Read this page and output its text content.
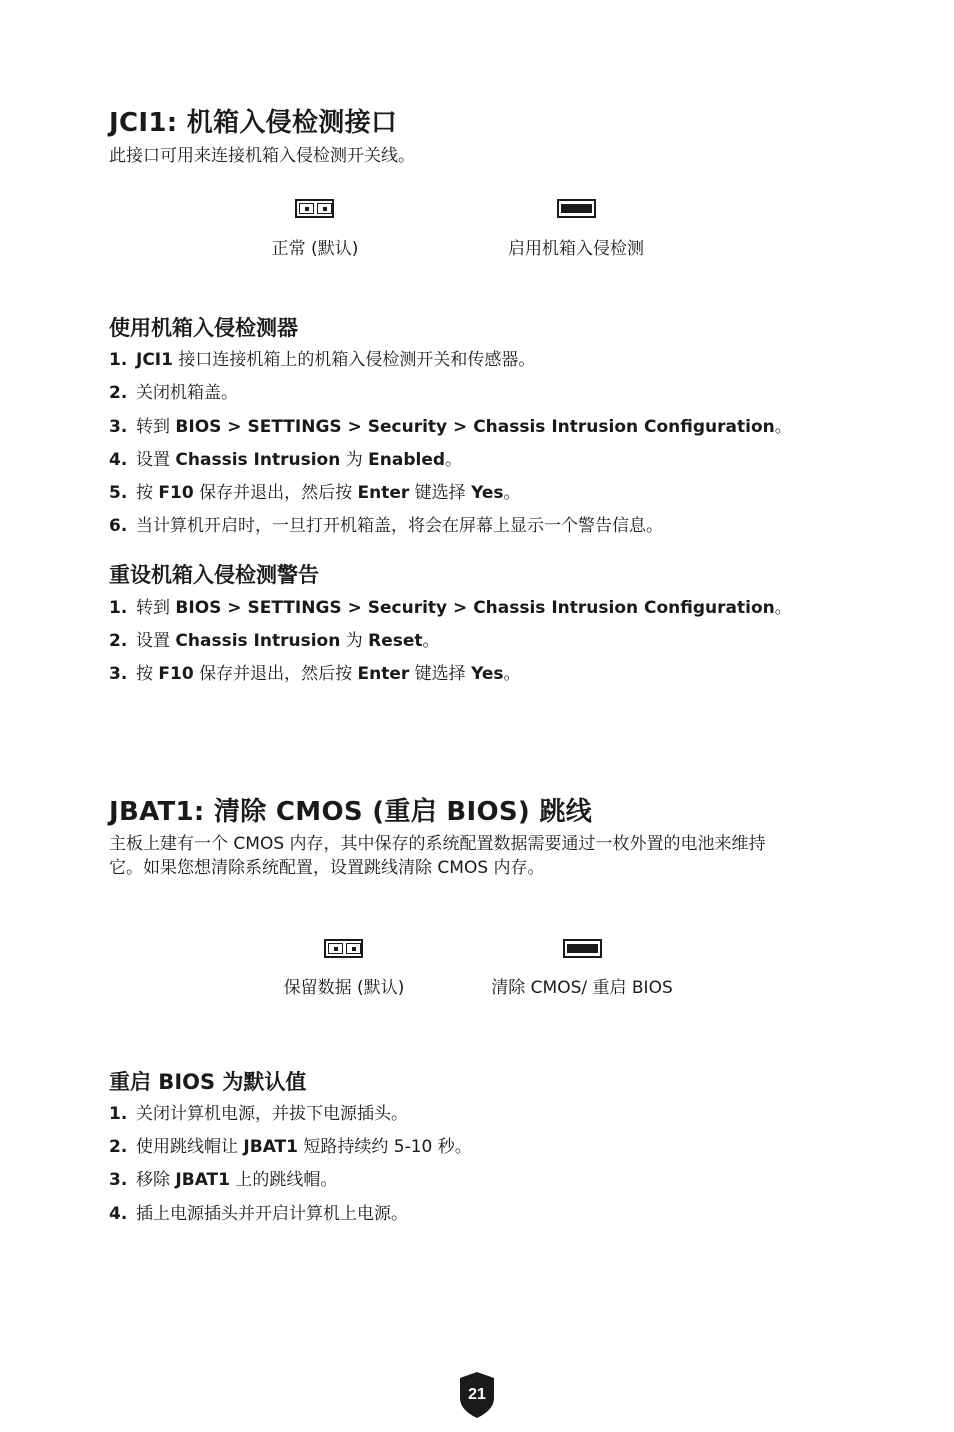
JCI1: 机箱入侵检测接口
此接口可用来连接机箱入侵检测开关线。
正常 (默认)	启用机箱入侵检测
使用机箱入侵检测器
1. JCI1 接口连接机箱上的机箱入侵检测开关和传感器。
2. 关闭机箱盖。
3. 转到 BIOS > SETTINGS > Security > Chassis Intrusion Configuration。
4. 设置 Chassis Intrusion 为 Enabled。
5. 按 F10 保存并退出，然后按 Enter 键选择 Yes。
6. 当计算机开启时，一旦打开机箱盖，将会在屏幕上显示一个警告信息。
重设机箱入侵检测警告
1. 转到 BIOS > SETTINGS > Security > Chassis Intrusion Configuration。
2. 设置 Chassis Intrusion 为 Reset。
3. 按 F10 保存并退出，然后按 Enter 键选择 Yes。
JBAT1: 清除 CMOS (重启 BIOS) 跳线
主板上建有一个 CMOS 内存，其中保存的系统配置数据需要通过一枚外置的电池来维持
它。如果您想清除系统配置，设置跳线清除 CMOS 内存。
保留数据 (默认)	清除 CMOS/ 重启 BIOS
重启 BIOS 为默认值
1. 关闭计算机电源，并拔下电源插头。
2. 使用跳线帽让 JBAT1 短路持续约 5-10 秒。
3. 移除 JBAT1 上的跳线帽。
4. 插上电源插头并开启计算机上电源。
21
